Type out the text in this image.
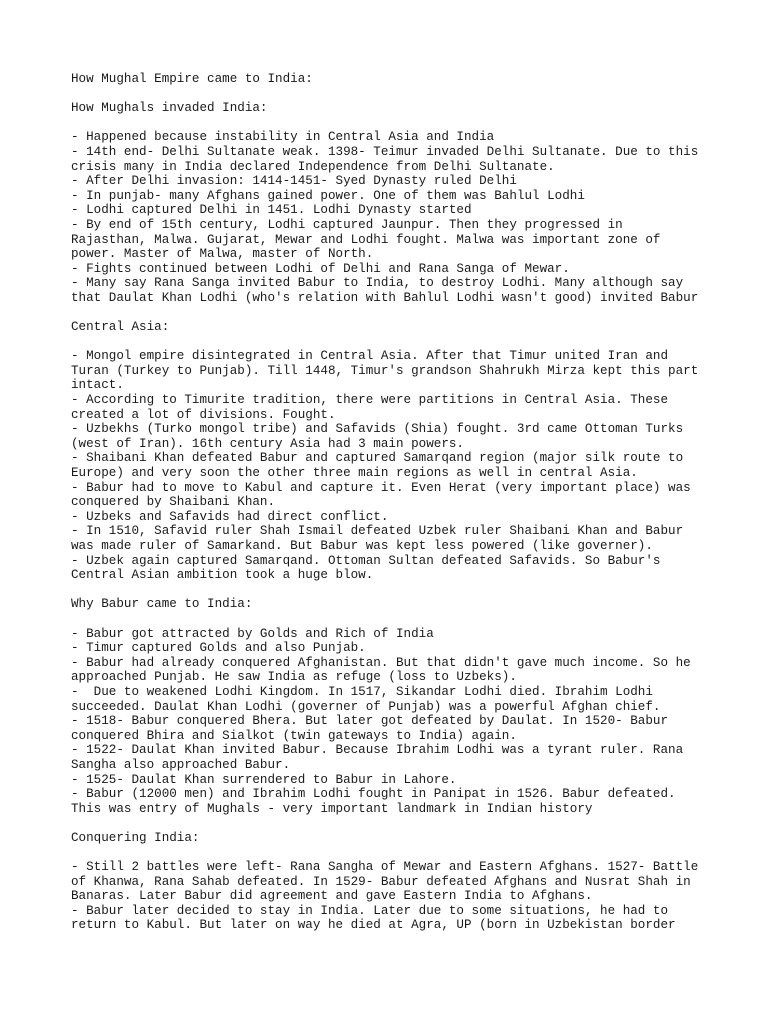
How Mughal Empire came to India:
How Mughals invaded India:
- Happened because instability in Central Asia and India
- 14th end- Delhi Sultanate weak. 1398- Teimur invaded Delhi Sultanate. Due to this
crisis many in India declared Independence from Delhi Sultanate.
- After Delhi invasion: 1414-1451- Syed Dynasty ruled Delhi
- In punjab- many Afghans gained power. One of them was Bahlul Lodhi
- Lodhi captured Delhi in 1451. Lodhi Dynasty started
- By end of 15th century, Lodhi captured Jaunpur. Then they progressed in
Rajasthan, Malwa. Gujarat, Mewar and Lodhi fought. Malwa was important zone of
power. Master of Malwa, master of North.
- Fights continued between Lodhi of Delhi and Rana Sanga of Mewar.
- Many say Rana Sanga invited Babur to India, to destroy Lodhi. Many although say
that Daulat Khan Lodhi (who's relation with Bahlul Lodhi wasn't good) invited Babur
Central Asia:
- Mongol empire disintegrated in Central Asia. After that Timur united Iran and
Turan (Turkey to Punjab). Till 1448, Timur's grandson Shahrukh Mirza kept this part
intact.
- According to Timurite tradition, there were partitions in Central Asia. These
created a lot of divisions. Fought.
- Uzbekhs (Turko mongol tribe) and Safavids (Shia) fought. 3rd came Ottoman Turks
(west of Iran). 16th century Asia had 3 main powers.
- Shaibani Khan defeated Babur and captured Samarqand region (major silk route to
Europe) and very soon the other three main regions as well in central Asia.
- Babur had to move to Kabul and capture it. Even Herat (very important place) was
conquered by Shaibani Khan.
- Uzbeks and Safavids had direct conflict.
- In 1510, Safavid ruler Shah Ismail defeated Uzbek ruler Shaibani Khan and Babur
was made ruler of Samarkand. But Babur was kept less powered (like governer).
- Uzbek again captured Samarqand. Ottoman Sultan defeated Safavids. So Babur's
Central Asian ambition took a huge blow.
Why Babur came to India:
- Babur got attracted by Golds and Rich of India
- Timur captured Golds and also Punjab.
- Babur had already conquered Afghanistan. But that didn't gave much income. So he
approached Punjab. He saw India as refuge (loss to Uzbeks).
-  Due to weakened Lodhi Kingdom. In 1517, Sikandar Lodhi died. Ibrahim Lodhi
succeeded. Daulat Khan Lodhi (governer of Punjab) was a powerful Afghan chief.
- 1518- Babur conquered Bhera. But later got defeated by Daulat. In 1520- Babur
conquered Bhira and Sialkot (twin gateways to India) again.
- 1522- Daulat Khan invited Babur. Because Ibrahim Lodhi was a tyrant ruler. Rana
Sangha also approached Babur.
- 1525- Daulat Khan surrendered to Babur in Lahore.
- Babur (12000 men) and Ibrahim Lodhi fought in Panipat in 1526. Babur defeated.
This was entry of Mughals - very important landmark in Indian history
Conquering India:
- Still 2 battles were left- Rana Sangha of Mewar and Eastern Afghans. 1527- Battle
of Khanwa, Rana Sahab defeated. In 1529- Babur defeated Afghans and Nusrat Shah in
Banaras. Later Babur did agreement and gave Eastern India to Afghans.
- Babur later decided to stay in India. Later due to some situations, he had to
return to Kabul. But later on way he died at Agra, UP (born in Uzbekistan border
